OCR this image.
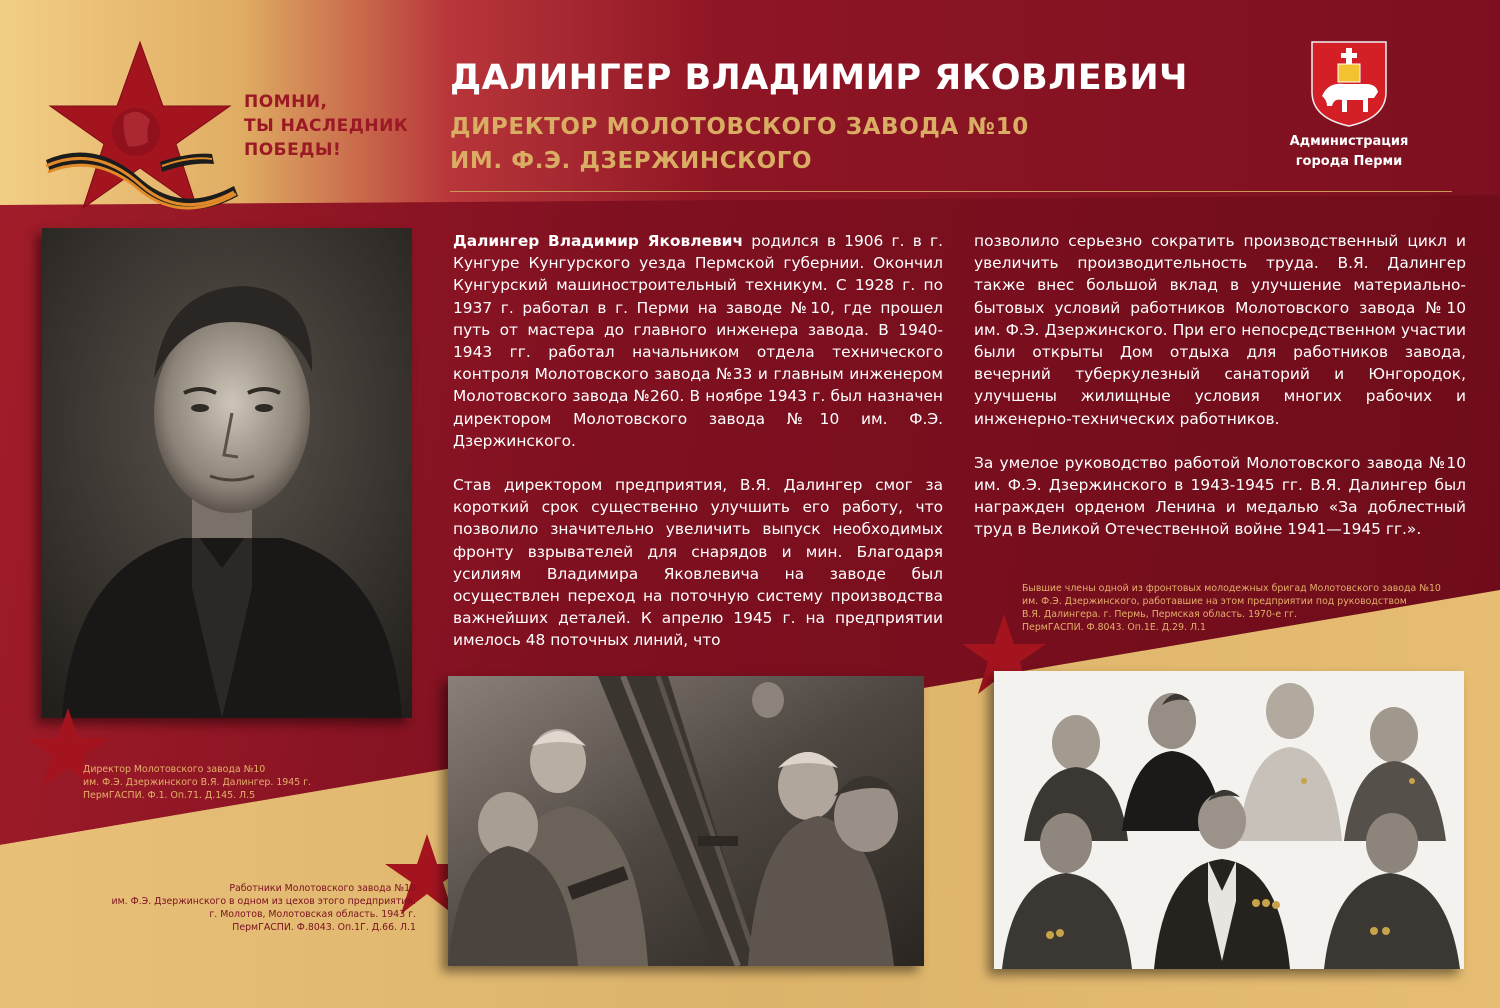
ПОМНИ,
ТЫ НАСЛЕДНИК
ПОБЕДЫ!
ДАЛИНГЕР ВЛАДИМИР ЯКОВЛЕВИЧ
ДИРЕКТОР МОЛОТОВСКОГО ЗАВОДА №10
ИМ. Ф.Э. ДЗЕРЖИНСКОГО
Администрация
города Перми

Далингер Владимир Яковлевич родился в 1906 г. в г. Кунгуре Кунгурского уезда Пермской губернии. Окончил Кунгурский машиностроительный техникум. С 1928 г. по 1937 г. работал в г. Перми на заводе №10, где прошел путь от мастера до главного инженера завода. В 1940-1943 гг. работал начальником отдела технического контроля Молотовского завода №33 и главным инженером Молотовского завода №260. В ноябре 1943 г. был назначен директором Молотовского завода №10 им. Ф.Э. Дзержинского.

Став директором предприятия, В.Я. Далингер смог за короткий срок существенно улучшить его работу, что позволило значительно увеличить выпуск необходимых фронту взрывателей для снарядов и мин. Благодаря усилиям Владимира Яковлевича на заводе был осуществлен переход на поточную систему производства важнейших деталей. К апрелю 1945 г. на предприятии имелось 48 поточных линий, что

позволило серьезно сократить производственный цикл и увеличить производительность труда. В.Я. Далингер также внес большой вклад в улучшение материально-бытовых условий работников Молотовского завода №10 им. Ф.Э. Дзержинского. При его непосредственном участии были открыты Дом отдыха для работников завода, вечерний туберкулезный санаторий и Юнгородок, улучшены жилищные условия многих рабочих и инженерно-технических работников.

За умелое руководство работой Молотовского завода №10 им. Ф.Э. Дзержинского в 1943-1945 гг. В.Я. Далингер был награжден орденом Ленина и медалью «За доблестный труд в Великой Отечественной войне 1941—1945 гг.».

Директор Молотовского завода №10
им. Ф.Э. Дзержинского В.Я. Далингер. 1945 г.
ПермГАСПИ. Ф.1. Оп.71. Д.145. Л.5
Работники Молотовского завода №10
им. Ф.Э. Дзержинского в одном из цехов этого предприятия.
г. Молотов, Молотовская область. 1943 г.
ПермГАСПИ. Ф.8043. Оп.1Г. Д.66. Л.1
Бывшие члены одной из фронтовых молодежных бригад Молотовского завода №10
им. Ф.Э. Дзержинского, работавшие на этом предприятии под руководством
В.Я. Далингера. г. Пермь, Пермская область. 1970-е гг.
ПермГАСПИ. Ф.8043. Оп.1Е. Д.29. Л.1
